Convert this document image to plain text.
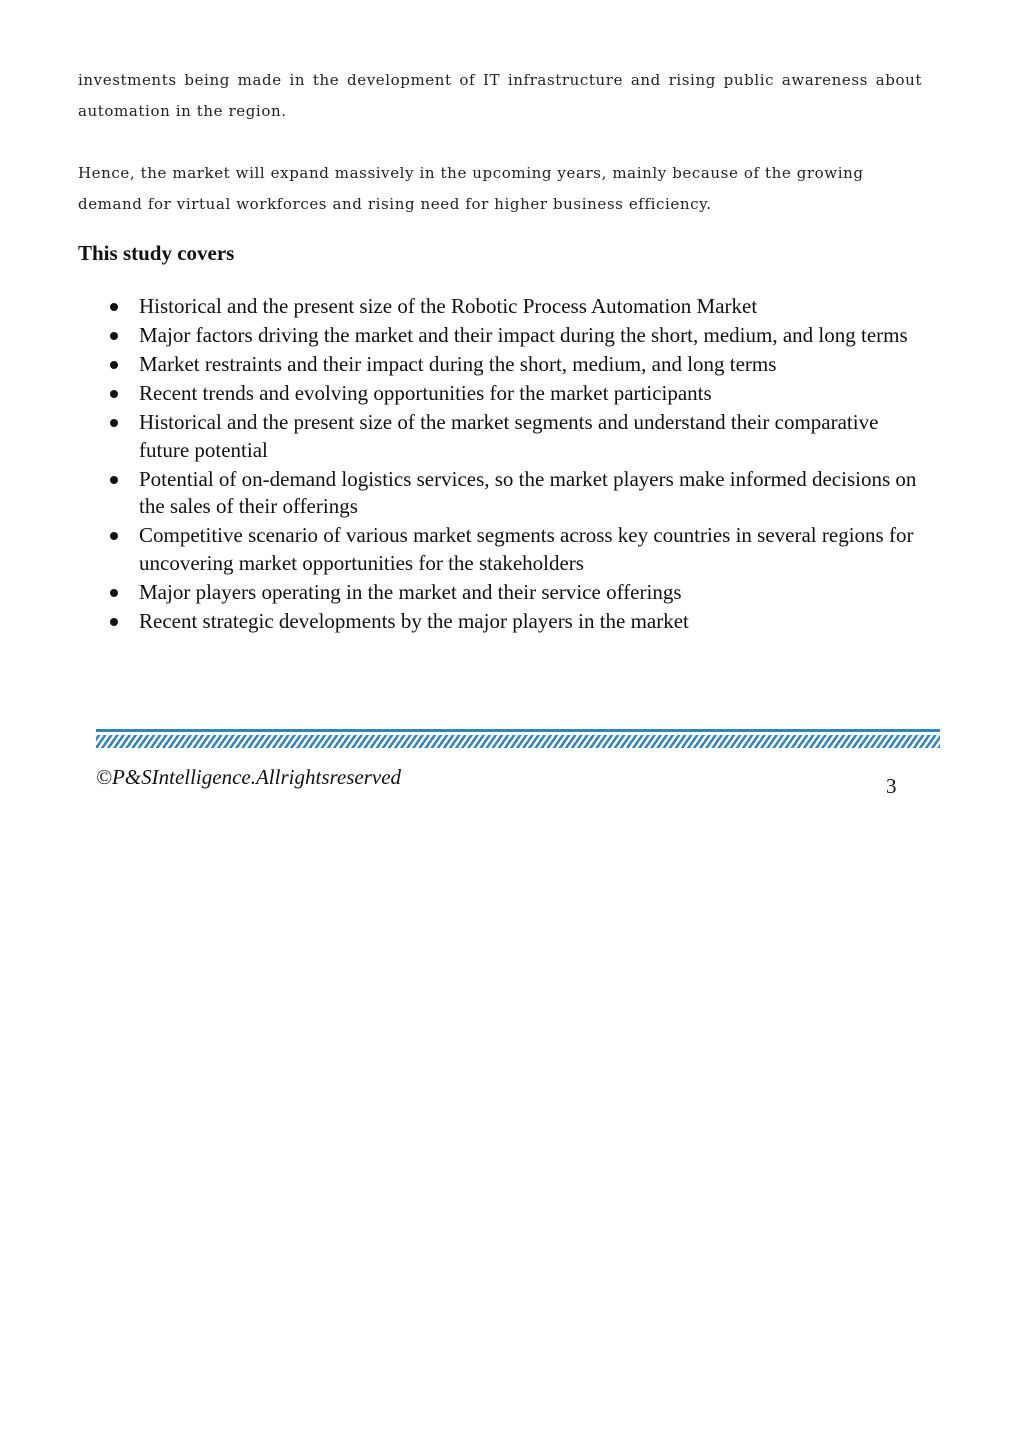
investments being made in the development of IT infrastructure and rising public awareness about automation in the region.

Hence, the market will expand massively in the upcoming years, mainly because of the growing demand for virtual workforces and rising need for higher business efficiency.

This study covers
Historical and the present size of the Robotic Process Automation Market
Major factors driving the market and their impact during the short, medium, and long terms
Market restraints and their impact during the short, medium, and long terms
Recent trends and evolving opportunities for the market participants
Historical and the present size of the market segments and understand their comparative future potential
Potential of on-demand logistics services, so the market players make informed decisions on the sales of their offerings
Competitive scenario of various market segments across key countries in several regions for uncovering market opportunities for the stakeholders
Major players operating in the market and their service offerings
Recent strategic developments by the major players in the market

©P&SIntelligence.Allrightsreserved	3
